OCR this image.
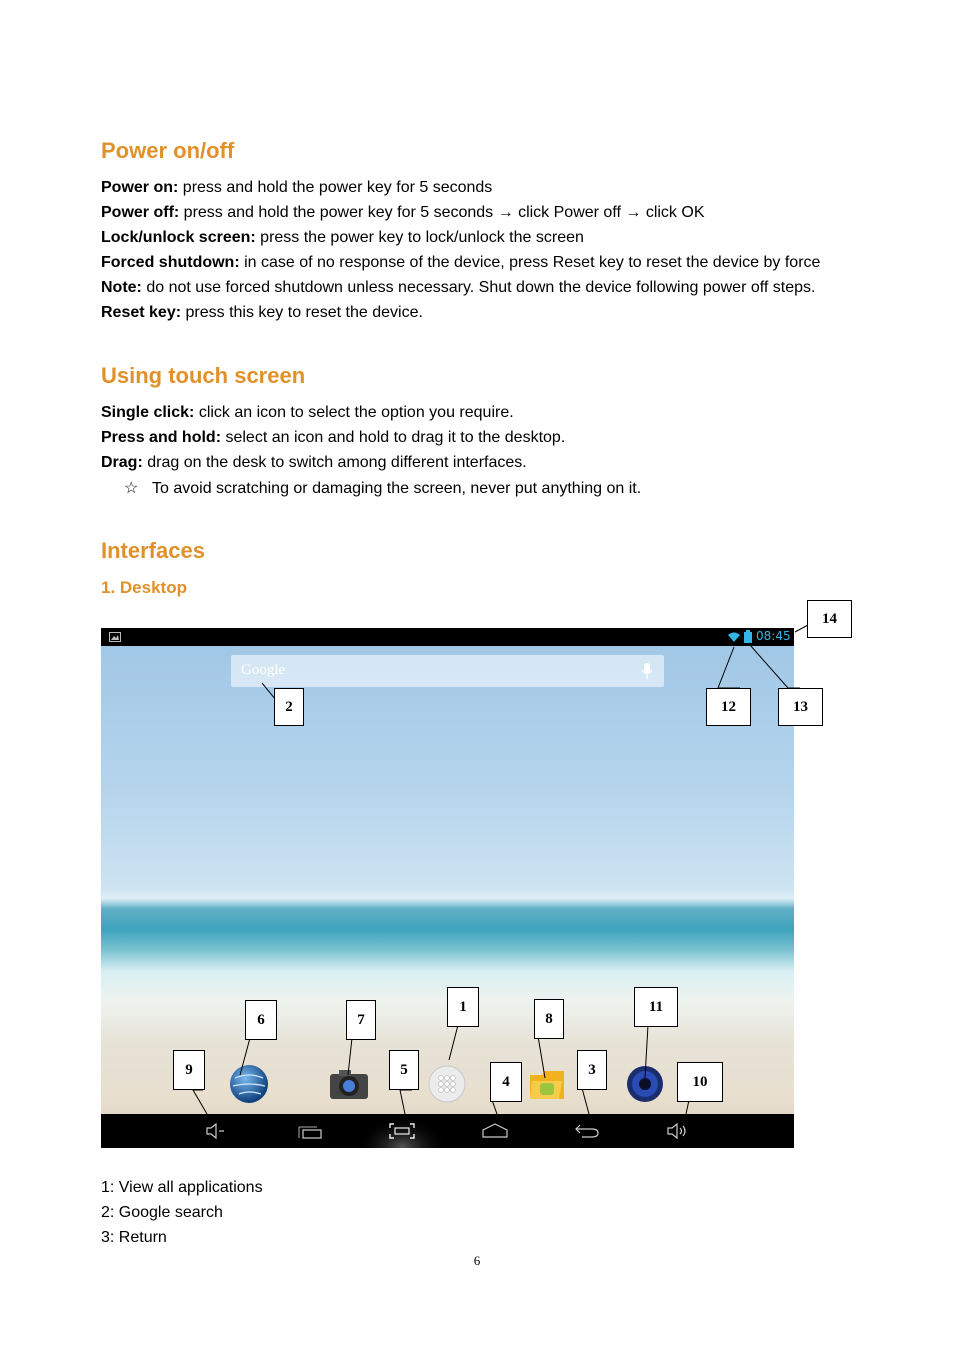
Power on/off
Power on: press and hold the power key for 5 seconds
Power off: press and hold the power key for 5 seconds → click Power off → click OK
Lock/unlock screen: press the power key to lock/unlock the screen
Forced shutdown: in case of no response of the device, press Reset key to reset the device by force
Note: do not use forced shutdown unless necessary. Shut down the device following power off steps.
Reset key: press this key to reset the device.
Using touch screen
Single click: click an icon to select the option you require.
Press and hold: select an icon and hold to drag it to the desktop.
Drag: drag on the desk to switch among different interfaces.
☆ To avoid scratching or damaging the screen, never put anything on it.
Interfaces
1. Desktop
08:45
Google
1
2
3
4
5
6	7	8
9
10
11
12	13
14
1: View all applications
2: Google search
3: Return
6
